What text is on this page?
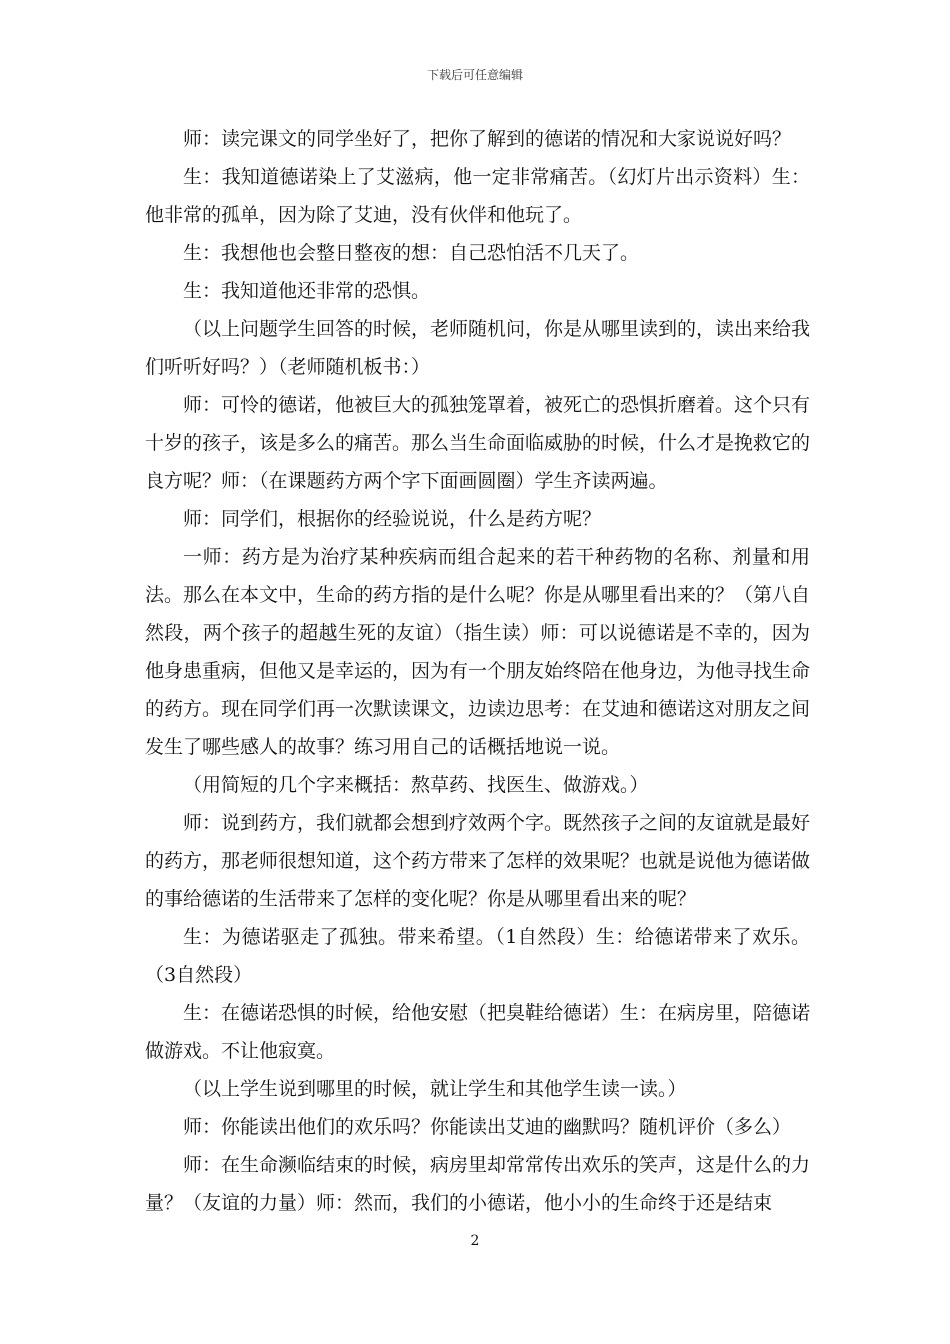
下载后可任意编辑

师：读完课文的同学坐好了，把你了解到的德诺的情况和大家说说好吗？

生：我知道德诺染上了艾滋病，他一定非常痛苦。（幻灯片出示资料）生：他非常的孤单，因为除了艾迪，没有伙伴和他玩了。

生：我想他也会整日整夜的想：自己恐怕活不几天了。

生：我知道他还非常的恐惧。

（以上问题学生回答的时候，老师随机问，你是从哪里读到的，读出来给我们听听好吗？）（老师随机板书：）

师：可怜的德诺，他被巨大的孤独笼罩着，被死亡的恐惧折磨着。这个只有十岁的孩子，该是多么的痛苦。那么当生命面临威胁的时候，什么才是挽救它的良方呢？师：（在课题药方两个字下面画圆圈）学生齐读两遍。

师：同学们，根据你的经验说说，什么是药方呢？

一师：药方是为治疗某种疾病而组合起来的若干种药物的名称、剂量和用法。那么在本文中，生命的药方指的是什么呢？你是从哪里看出来的？（第八自然段，两个孩子的超越生死的友谊）（指生读）师：可以说德诺是不幸的，因为他身患重病，但他又是幸运的，因为有一个朋友始终陪在他身边，为他寻找生命的药方。现在同学们再一次默读课文，边读边思考：在艾迪和德诺这对朋友之间发生了哪些感人的故事？练习用自己的话概括地说一说。

（用简短的几个字来概括：熬草药、找医生、做游戏。）

师：说到药方，我们就都会想到疗效两个字。既然孩子之间的友谊就是最好的药方，那老师很想知道，这个药方带来了怎样的效果呢？也就是说他为德诺做的事给德诺的生活带来了怎样的变化呢？你是从哪里看出来的呢？

生：为德诺驱走了孤独。带来希望。（1自然段）生：给德诺带来了欢乐。（3自然段）

生：在德诺恐惧的时候，给他安慰（把臭鞋给德诺）生：在病房里，陪德诺做游戏。不让他寂寞。

（以上学生说到哪里的时候，就让学生和其他学生读一读。）

师：你能读出他们的欢乐吗？你能读出艾迪的幽默吗？随机评价（多么）

师：在生命濒临结束的时候，病房里却常常传出欢乐的笑声，这是什么的力量？（友谊的力量）师：然而，我们的小德诺，他小小的生命终于还是结束

2
